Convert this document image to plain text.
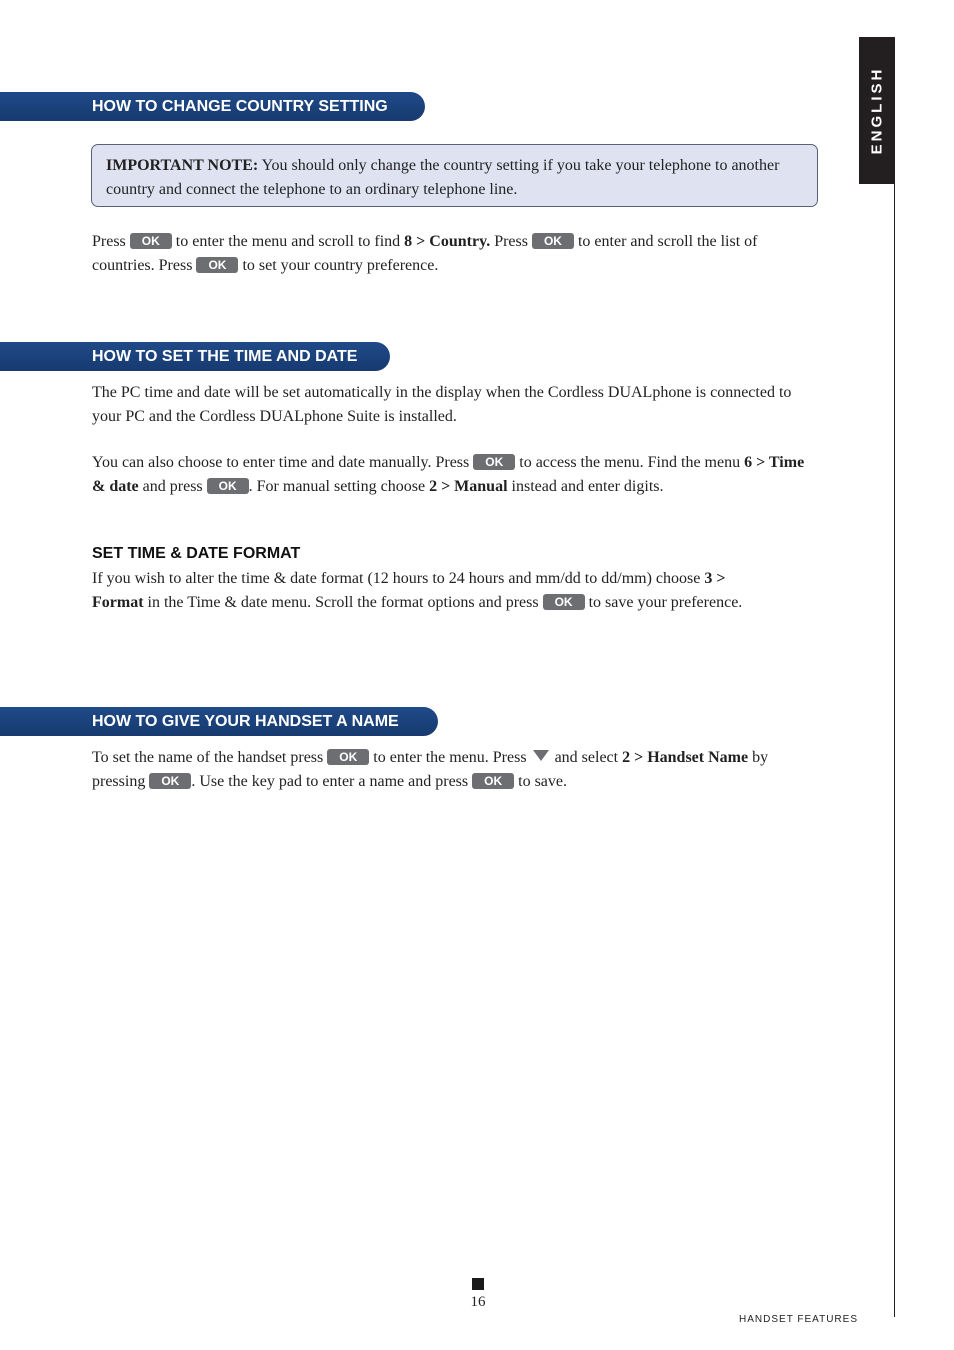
ENGLISH
HOW TO CHANGE COUNTRY SETTING
IMPORTANT NOTE: You should only change the country setting if you take your telephone to another country and connect the telephone to an ordinary telephone line.
Press OK to enter the menu and scroll to find 8 > Country. Press OK to enter and scroll the list of countries. Press OK to set your country preference.
HOW TO SET THE TIME AND DATE
The PC time and date will be set automatically in the display when the Cordless DUALphone is connected to your PC and the Cordless DUALphone Suite is installed.
You can also choose to enter time and date manually. Press OK to access the menu. Find the menu 6 > Time & date and press OK . For manual setting choose 2 > Manual instead and enter digits.
SET TIME & DATE FORMAT
If you wish to alter the time & date format (12 hours to 24 hours and mm/dd to dd/mm) choose 3 > Format in the Time & date menu. Scroll the format options and press OK to save your preference.
HOW TO GIVE YOUR HANDSET A NAME
To set the name of the handset press OK to enter the menu. Press  and select 2 > Handset Name by pressing OK . Use the key pad to enter a name and press OK to save.
16
HANDSET FEATURES
